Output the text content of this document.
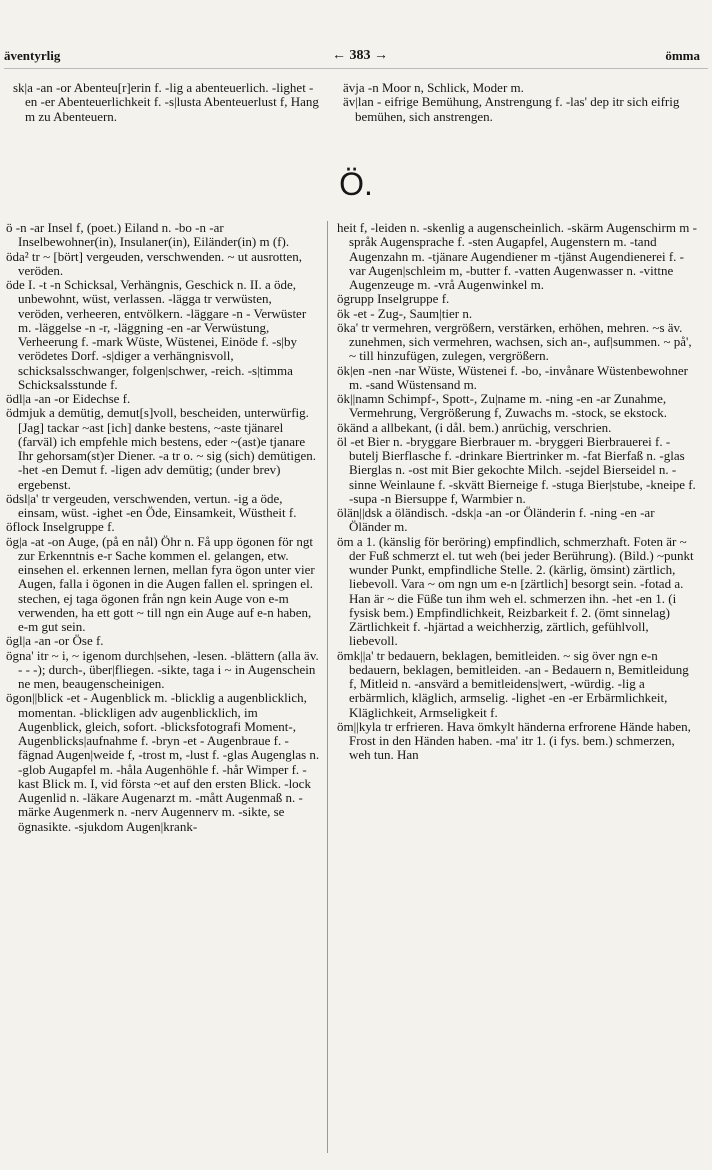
äventyrlig	← 383 →	ömma

sk|a -an -or Abenteu[r]erin f. -lig a abenteuerlich. -lighet -en -er Abenteuerlichkeit f. -s|lusta Abenteuerlust f, Hang m zu Abenteuern.

ävja -n Moor n, Schlick, Moder m.

äv|lan - eifrige Bemühung, Anstrengung f. -las' dep itr sich eifrig bemühen, sich anstrengen.

Ö.

ö -n -ar Insel f, (poet.) Eiland n. -bo -n -ar Inselbewohner(in), Insulaner(in), Eiländer(in) m (f).

öda² tr ~ [bört] vergeuden, verschwenden. ~ ut ausrotten, veröden.

öde I. -t -n Schicksal, Verhängnis, Geschick n. II. a öde, unbewohnt, wüst, verlassen. -lägga tr verwüsten, veröden, verheeren, entvölkern. -läggare -n - Verwüster m. -läggelse -n -r, -läggning -en -ar Verwüstung, Verheerung f. -mark Wüste, Wüstenei, Einöde f. -s|by verödetes Dorf. -s|diger a verhängnisvoll, schicksalsschwanger, folgen|schwer, -reich. -s|timma Schicksalsstunde f.

ödl|a -an -or Eidechse f.

ödmjuk a demütig, demut[s]voll, bescheiden, unterwürfig. [Jag] tackar ~ast [ich] danke bestens, ~aste tjänarel (farväl) ich empfehle mich bestens, eder ~(ast)e tjanare Ihr gehorsam(st)er Diener. -a tr o. ~ sig (sich) demütigen. -het -en Demut f. -ligen adv demütig; (under brev) ergebenst.

ödsl|a' tr vergeuden, verschwenden, vertun. -ig a öde, einsam, wüst. -ighet -en Öde, Einsamkeit, Wüstheit f.

öflock Inselgruppe f.

ög|a -at -on Auge, (på en nål) Öhr n. Få upp ögonen för ngt zur Erkenntnis e-r Sache kommen el. gelangen, etw. einsehen el. erkennen lernen, mellan fyra ögon unter vier Augen, falla i ögonen in die Augen fallen el. springen el. stechen, ej taga ögonen från ngn kein Auge von e-m verwenden, ha ett gott ~ till ngn ein Auge auf e-n haben, e-m gut sein.

ögl|a -an -or Öse f.

ögna' itr ~ i, ~ igenom durch|sehen, -lesen. -blättern (alla äv. - - -); durch-, über|fliegen. -sikte, taga i ~ in Augenschein ne men, beaugenscheinigen.

ögon||blick -et - Augenblick m. -blicklig a augenblicklich, momentan. -blickligen adv augenblicklich, im Augenblick, gleich, sofort. -blicksfotografi Moment-, Augenblicks|aufnahme f. -bryn -et - Augenbraue f. -fägnad Augen|weide f, -trost m, -lust f. -glas Augenglas n. -glob Augapfel m. -håla Augenhöhle f. -hår Wimper f. -kast Blick m. I, vid första ~et auf den ersten Blick. -lock Augenlid n. -läkare Augenarzt m. -mått Augenmaß n. -märke Augenmerk n. -nerv Augennerv m. -sikte, se ögnasikte. -sjukdom Augen|krank-

heit f, -leiden n. -skenlig a augenscheinlich. -skärm Augenschirm m -språk Augensprache f. -sten Augapfel, Augenstern m. -tand Augenzahn m. -tjänare Augendiener m -tjänst Augendienerei f. -var Augen|schleim m, -butter f. -vatten Augenwasser n. -vittne Augenzeuge m. -vrå Augenwinkel m.

ögrupp Inselgruppe f.

ök -et - Zug-, Saum|tier n.

öka' tr vermehren, vergrößern, verstärken, erhöhen, mehren. ~s äv. zunehmen, sich vermehren, wachsen, sich an-, auf|summen. ~ på', ~ till hinzufügen, zulegen, vergrößern.

ök|en -nen -nar Wüste, Wüstenei f. -bo, -invånare Wüstenbewohner m. -sand Wüstensand m.

ök||namn Schimpf-, Spott-, Zu|name m. -ning -en -ar Zunahme, Vermehrung, Vergrößerung f, Zuwachs m. -stock, se ekstock.

ökänd a allbekant, (i dål. bem.) anrüchig, verschrien.

öl -et Bier n. -bryggare Bierbrauer m. -bryggeri Bierbrauerei f. -butelj Bierflasche f. -drinkare Biertrinker m. -fat Bierfaß n. -glas Bierglas n. -ost mit Bier gekochte Milch. -sejdel Bierseidel n. -sinne Weinlaune f. -skvätt Bierneige f. -stuga Bier|stube, -kneipe f. -supa -n Biersuppe f, Warmbier n.

ölän||dsk a öländisch. -dsk|a -an -or Öländerin f. -ning -en -ar Öländer m.

öm a 1. (känslig för beröring) empfindlich, schmerzhaft. Foten är ~ der Fuß schmerzt el. tut weh (bei jeder Berührung). (Bild.) ~punkt wunder Punkt, empfindliche Stelle. 2. (kärlig, ömsint) zärtlich, liebevoll. Vara ~ om ngn um e-n [zärtlich] besorgt sein. -fotad a. Han är ~ die Füße tun ihm weh el. schmerzen ihn. -het -en 1. (i fysisk bem.) Empfindlichkeit, Reizbarkeit f. 2. (ömt sinnelag) Zärtlichkeit f. -hjärtad a weichherzig, zärtlich, gefühlvoll, liebevoll.

ömk||a' tr bedauern, beklagen, bemitleiden. ~ sig över ngn e-n bedauern, beklagen, bemitleiden. -an - Bedauern n, Bemitleidung f, Mitleid n. -ansvärd a bemitleidens|wert, -würdig. -lig a erbärmlich, kläglich, armselig. -lighet -en -er Erbärmlichkeit, Kläglichkeit, Armseligkeit f.

öm||kyla tr erfrieren. Hava ömkylt händerna erfrorene Hände haben, Frost in den Händen haben. -ma' itr 1. (i fys. bem.) schmerzen, weh tun. Han
